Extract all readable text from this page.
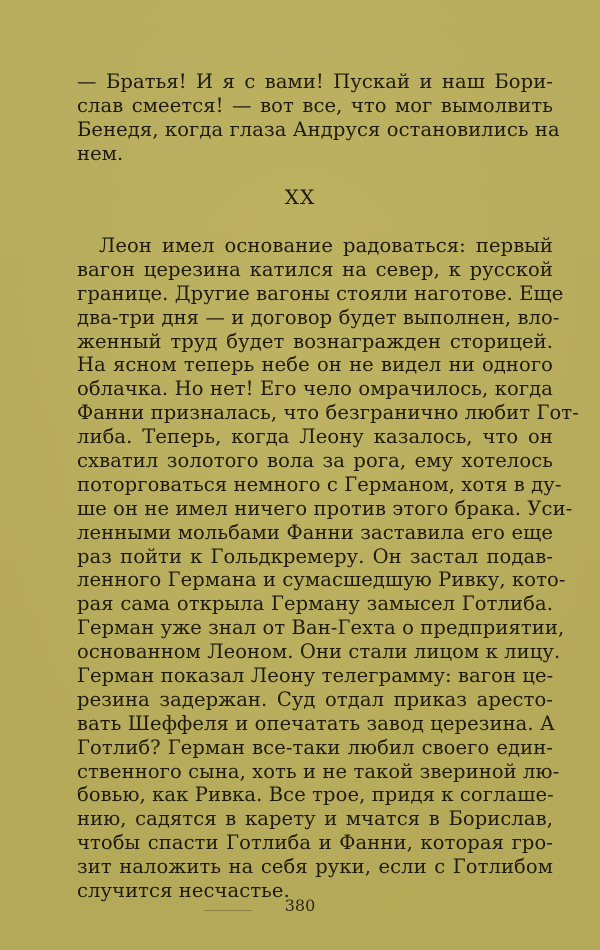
— Братья! И я с вами! Пускай и наш Бори-
слав смеется! — вот все, что мог вымолвить
Бенедя, когда глаза Андруся остановились на
нем.
XX
Леон имел основание радоваться: первый
вагон церезина катился на север, к русской
границе. Другие вагоны стояли наготове. Еще
два-три дня — и договор будет выполнен, вло-
женный труд будет вознагражден сторицей.
На ясном теперь небе он не видел ни одного
облачка. Но нет! Его чело омрачилось, когда
Фанни призналась, что безгранично любит Гот-
либа. Теперь, когда Леону казалось, что он
схватил золотого вола за рога, ему хотелось
поторговаться немного с Германом, хотя в ду-
ше он не имел ничего против этого брака. Уси-
ленными мольбами Фанни заставила его еще
раз пойти к Гольдкремеру. Он застал подав-
ленного Германа и сумасшедшую Ривку, кото-
рая сама открыла Герману замысел Готлиба.
Герман уже знал от Ван-Гехта о предприятии,
основанном Леоном. Они стали лицом к лицу.
Герман показал Леону телеграмму: вагон це-
резина задержан. Суд отдал приказ aресто-
вать Шеффеля и опечатать завод церезина. А
Готлиб? Герман все-таки любил своего един-
ственного сына, хоть и не такой звериной лю-
бовью, как Ривка. Все трое, придя к соглаше-
нию, садятся в карету и мчатся в Борислав,
чтобы спасти Готлиба и Фанни, которая гро-
зит наложить на себя руки, если с Готлибом
случится несчастье.
380
